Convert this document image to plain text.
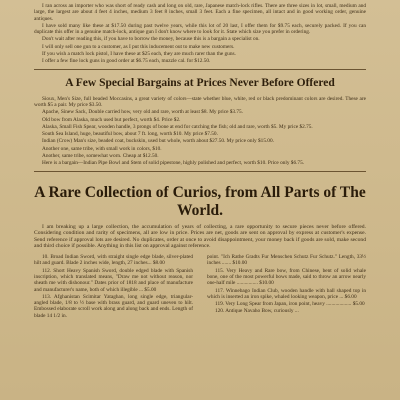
I ran across an importer who was short of ready cash and long on old, rare, Japanese match-lock rifles. There are three sizes in lot, small, medium and large, the largest are about 4 feet 4 inches, medium 3 feet 8 inches, small 3 feet. Each a fine specimen, all intact and in good working order, genuine antiques.

I have sold many like these at $17.50 during past twelve years, while this lot of 20 last, I offer them for $9.75 each, securely packed. If you can duplicate this offer in a genuine match-lock, antique gun I don't know where to look for it. State which size you prefer in ordering.

Don't wait after reading this, if you have to borrow the money, because this is a bargain a specialist on.

I will only sell one gun to a customer, as I put this inducement out to make new customers.

If you wish a match lock pistol, I have these at $25 each, they are much rarer than the guns.

I offer a few fine lock guns in good order at $6.75 each, muzzle cal. for $12.50.

A Few Special Bargains at Prices Never Before Offered

Sioux, Men's Size, full beaded Moccasins, a great variety of colors—state whether blue, white, red or black predominant colors are desired. These are worth $5 a pair. My price $3.50.

Apache, Sinew Sack, Double carried how, very old and rare, worth at least $8. My price $3.75.

Old bow from Alaska, much used but perfect, worth $4. Price $2.

Alaska, Small Fish Spear, wooden handle, 3 prongs of bone at end for catching the fish; old and rare, worth $5. My price $2.75.

South Sea Island, huge, beautiful bow, about 7 ft. long, worth $10. My price $7.50.

Indian (Crow) Man's size, beaded coat, buckskin, used but whole, worth about $27.50. My price only $15.00.

Another one, same tribe, with small work in colors, $10.

Another, same tribe, somewhat worn. Cheap at $12.50.

Here is a bargain—Indian Pipe Bowl and Stem of solid pipestone, highly polished and perfect, worth $10. Price only $6.75.

A Rare Collection of Curios, from All Parts of The World.

I am breaking up a large collection, the accumulation of years of collecting, a rare opportunity to secure pieces never before offered. Considering condition and rarity of specimens, all are low in price. Prices are net, goods are sent on approval by express at customer's expense. Send reference if approval lots are desired. No duplicates, order at once to avoid disappointment, your money back if goods are sold, make second and third choice if possible. Anything in this list on approval against reference.

10. Broad Indian Sword, with straight single edge blade, silver-plated hilt and guard. Blade 2 inches wide, length, 27 inches... $8.00

112. Short Heavy Spanish Sword, double edged blade with Spanish inscription, which translated means, "Draw me not without reason, nor sheath me with dishonour." Dates prior of 1818 and place of manufacture and manufacturer's name, both of which illegible ... $5.00

113. Afghanistan Scimitar Yataghan, long single edge, triangular-angled blade, 1/8 to ½ base with brass guard, and guard uneven to hilt. Embossed elaborate scroll work along and along back and ends. Length of blade 14 1/2 in.

point. "Ich Rathe Gradts Fur Menschen Schutz Fur Schutz." Length, 33½ inches ....... $10.00

115. Very Heavy and Rare bow, from Chinese, bent of solid whale bone, one of the most powerful bows made, said to throw an arrow nearly one-half mile ................ $10.00

117. Winnebago Indian Club, wooden handle with ball shaped top in which is inserted an iron spike, whaled looking weapon, price ... $6.00

119. Very Long Spear from Japan, iron point, heavy ................... $5.00

120. Antique Navaho Bow, curiously ...
